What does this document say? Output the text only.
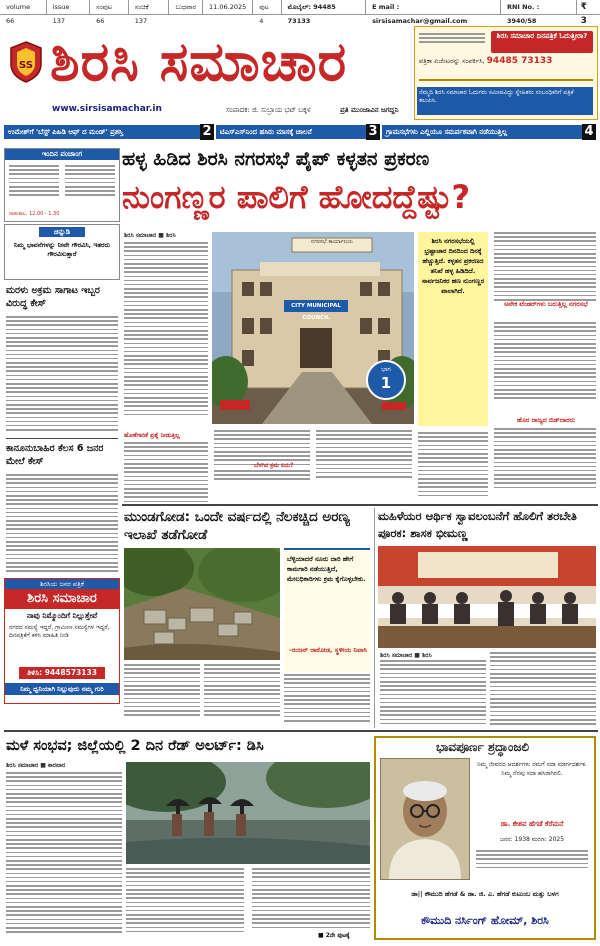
volume 66
issue 137
ಸಂಪುಟ 66
ಸಂಚಿಕೆ 137
ಬುಧವಾರ	11.06.2025	ಪುಟ 4
ಮೊಬೈಲ್: 94485 73133
E mail : sirsisamachar@gmail.com
RNI No. : 3940/58
₹ 3
SS ಶಿರಸಿ ಸಮಾಚಾರ
www.sirsisamachar.in	ಸಂಪಾದಕ: ಜಿ. ಸುಬ್ರಾಯ ಭಟ್ ಬಕ್ಕಳ	ಪ್ರತಿ ಮುಂಜಾವಿನ ಜಗದ್ದನಿ
ಶಿರಸಿ ಸಮಾಚಾರ ದಿನಪತ್ರಿಕೆ ಓದುತ್ತೀರಾ?
ಪತ್ರಿಕಾ ಏಜೆಂಟರನ್ನು ಸಂಪರ್ಕಿಸಿ, 94485 73133
ನೆಮ್ಮದಿ ಶಿರಸಿ ಸಮಾಚಾರ ಓದುಗರು ಸಮೀಪವಿದ್ದು ಸ್ನೇಹಿತರು ಸಂಬಂಧಿಕರಿಗೆ ಪತ್ರಿಕೆ ತಲುಪಿಸಿ.
ಉಮೇಶ್‌ಗೆ 'ಬೆಸ್ಟ್ ಪಿಹಿಡಿ ಆಫ್ ದ ಮಂಡ್' ಪ್ರಶಸ್ತಿ	2	ಟಿಎಸ್‌ಎಸ್‌ನಿಂದ ಹಸಿರು ಮಾಸಕ್ಕೆ ಚಾಲನೆ	3	ಗ್ರಾಮಸಭೆಗಳು ಎಲ್ಲಿಯೂ ಸಮರ್ಪಕವಾಗಿ ನಡೆಯುತ್ತಿಲ್ಲ	4
ಇಂದಿನ ಪಂಚಾಂಗ
ರಾಹುಕಾಲ: 12.00 - 1.30
ಚಿನ್ನುಡಿ
ನಿಮ್ಮ ಭಾವನೆಗಳನ್ನು ನೀವೇ ಗೌರವಿಸಿ, ಇತರರು ಗೌರವಿಸುತ್ತಾರೆ
ಮರಳು ಅಕ್ರಮ ಸಾಗಾಟ ಇಬ್ಬರ ವಿರುದ್ಧ ಕೇಸ್
ಕಾನೂನುಬಾಹಿರ ಕೆಲಸ 6 ಜನರ ಮೇಲೆ ಕೇಸ್
ಶಿರಸಿಯ ಜನರ ಪತ್ರಿಕೆ
ಶಿರಸಿ ಸಮಾಚಾರ
ನಾವು ನಿಮ್ಮೊಂದಿಗೆ ನಿಲ್ಲುತ್ತೇವೆ
ನಗರದ ಸಮಸ್ಯೆ ಇದ್ದರೆ, ಗ್ರಾಮೀಣ ಸಮಸ್ಯೆಗಳ ಇದ್ದರೆ, ದಿನಪತ್ರಿಕೆಗೆ ಕಳಿಸಿ ಮಾಹಿತಿ ನೀಡಿ
ತಿಳಿಸಿ: 9448573133
ನಿಮ್ಮ ಧ್ವನಿಯಾಗಿ ನಿಲ್ಲುವುದು ನಮ್ಮ ಗುರಿ
ಹಳ್ಳ ಹಿಡಿದ ಶಿರಸಿ ನಗರಸಭೆ ಪೈಪ್ ಕಳ್ಳತನ ಪ್ರಕರಣ
ನುಂಗಣ್ಣರ ಪಾಲಿಗೆ ಹೋದದ್ದೆಷ್ಟು?
ಶಿರಸಿ ಸಮಾಚಾರ ■ ಶಿರಸಿ
ಹೊಣೆಗಾರಿಕೆ ಪ್ರಶ್ನೆ ನೀಡುತ್ತಿಲ್ಲ
ನಗರಸಭೆ ಕಾರ್ಯಾಲಯ
CITY MUNICIPAL COUNCIL
ಭಾಗ
1
ಬೆಳಗಿನ ಕ್ರಮ ಏನು?
ಶಿರಸಿ ನಗರಸಭೆಯಲ್ಲಿ ಭ್ರಷ್ಟಾಚಾರ ದಿನದಿಂದ ದಿನಕ್ಕೆ ಹೆಚ್ಚುತ್ತಿದೆ. ಕಳ್ಳತನ ಪ್ರಕರಣದ ತನಿಖೆ ಹಳ್ಳ ಹಿಡಿದಿದೆ. ಸಾರ್ವಜನಿಕರ ಹಣ ನುಂಗಣ್ಣರ ಪಾಲಾಗಿದೆ.
ಅನೇಕ ಟೆಂಡರ್‌ಗಳು ಬರುತ್ತಿಲ್ಲ ನಗರಸಭೆ
ಹೊರ ರಾಜ್ಯದ ಬಿಡ್‌ದಾರರು
ಮುಂಡಗೋಡ: ಒಂದೇ ವರ್ಷದಲ್ಲಿ ನೆಲಕಚ್ಚಿದ ಅರಣ್ಯ ಇಲಾಖೆ ತಡೆಗೋಡೆ
ಬೆಳ್ಳಿಯಾದರೆ ನೂರು ದಾರಿ ಹೇಗೆ ಕಾಮಗಾರಿ ನಡೆಯುತ್ತಿದೆ, ಮೇಲಧಿಕಾರಿಗಳು ಕ್ರಮ ಕೈಗೊಳ್ಳಬೇಕು.
-ರಂಜನ್ ರಾಠೋಡ, ಸ್ಥಳೀಯ ನಿವಾಸಿ
ಮಹಿಳೆಯರ ಆರ್ಥಿಕ ಸ್ವಾವಲಂಬನೆಗೆ ಹೊಲಿಗೆ ತರಬೇತಿ ಪೂರಕ: ಶಾಸಕ ಭೀಮಣ್ಣ
ಶಿರಸಿ ಸಮಾಚಾರ ■ ಶಿರಸಿ
ಮಳೆ ಸಂಭವ; ಜಿಲ್ಲೆಯಲ್ಲಿ 2 ದಿನ ರೆಡ್ ಅಲರ್ಟ್: ಡಿಸಿ
ಶಿರಸಿ ಸಮಾಚಾರ ■ ಕಾರವಾರ
■ 2ನೇ ಪುಟಕ್ಕೆ
ಭಾವಪೂರ್ಣ ಶ್ರದ್ಧಾಂಜಲಿ
ನಿಮ್ಮ ಜೀವನದ ಆದರ್ಶಗಳು ನಮಗೆ ಸದಾ ಮಾರ್ಗದರ್ಶಕ. ನಿಮ್ಮ ನೆನಪು ಸದಾ ಹಸಿರಾಗಿರಲಿ.
ಡಾ. ಕೇಶವ ಹೆಗಡೆ ಕೆರೆಮನೆ
ಜನನ: 1938 ಮರಣ: 2025
ಡಾ|| ಕೌಮುದಿ ಹೆಗಡೆ & ಡಾ. ಜಿ. ಎ. ಹೆಗಡೆ ಕುಟುಂಬ ಮತ್ತು ಬಳಗ
ಕೌಮುದಿ ನರ್ಸಿಂಗ್ ಹೋಮ್, ಶಿರಸಿ
